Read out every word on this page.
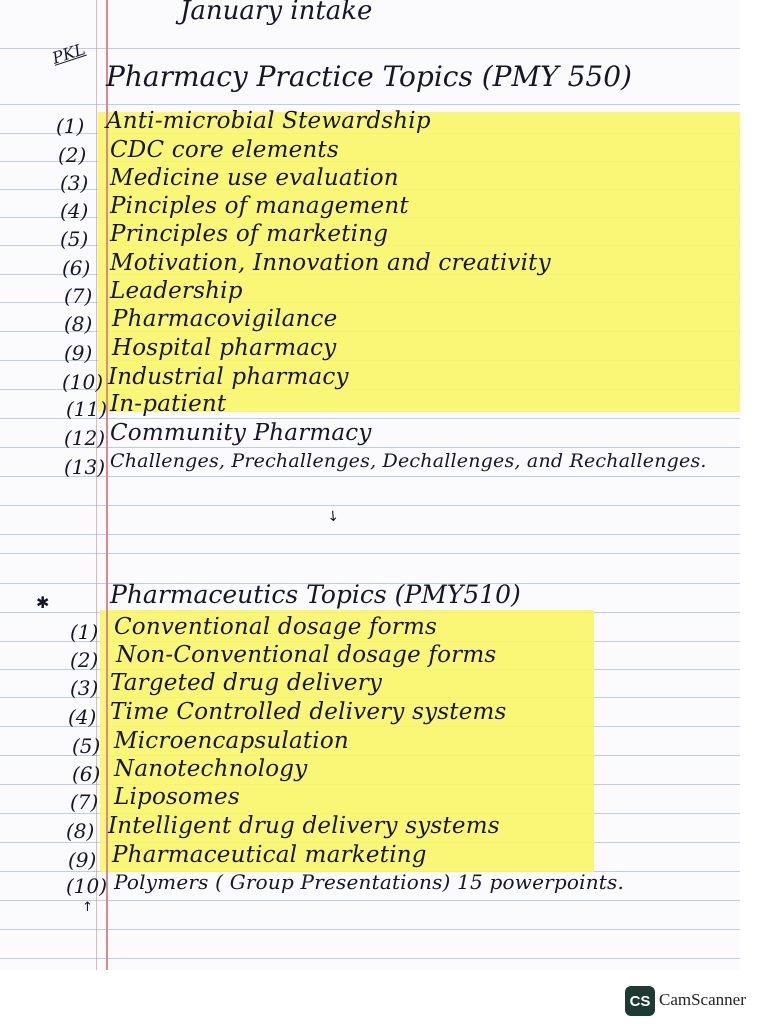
January intake
PKL
Pharmacy Practice Topics (PMY 550)
(1) Anti-microbial Stewardship
(2) CDC core elements
(3) Medicine use evaluation
(4) Pinciples of management
(5) Principles of marketing
(6) Motivation, Innovation and creativity
(7) Leadership
(8) Pharmacovigilance
(9) Hospital pharmacy
(10) Industrial pharmacy
(11) In-patient
(12) Community Pharmacy
(13) Challenges, Prechallenges, Dechallenges, and Rechallenges.
↘
✱ Pharmaceutics Topics (PMY510)
(1) Conventional dosage forms
(2) Non-Conventional dosage forms
(3) Targeted drug delivery
(4) Time Controlled delivery systems
(5) Microencapsulation
(6) Nanotechnology
(7) Liposomes
(8) Intelligent drug delivery systems
(9) Pharmaceutical marketing
(10) Polymers ( Group Presentations) 15 powerpoints.
↑
CS CamScanner
